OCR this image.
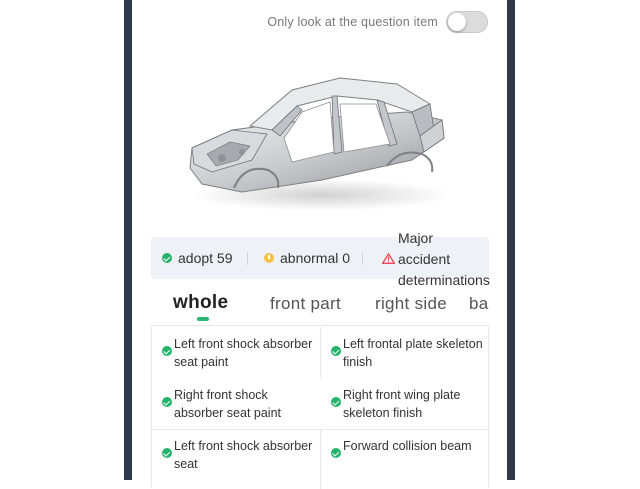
Only look at the question item
adopt 59	abnormal 0
Major
accident
determinations
whole front part right side ba
Left front shock absorber seat paint
Left frontal plate skeleton finish
Right front shock absorber seat paint
Right front wing plate skeleton finish
Left front shock absorber seat
Forward collision beam
